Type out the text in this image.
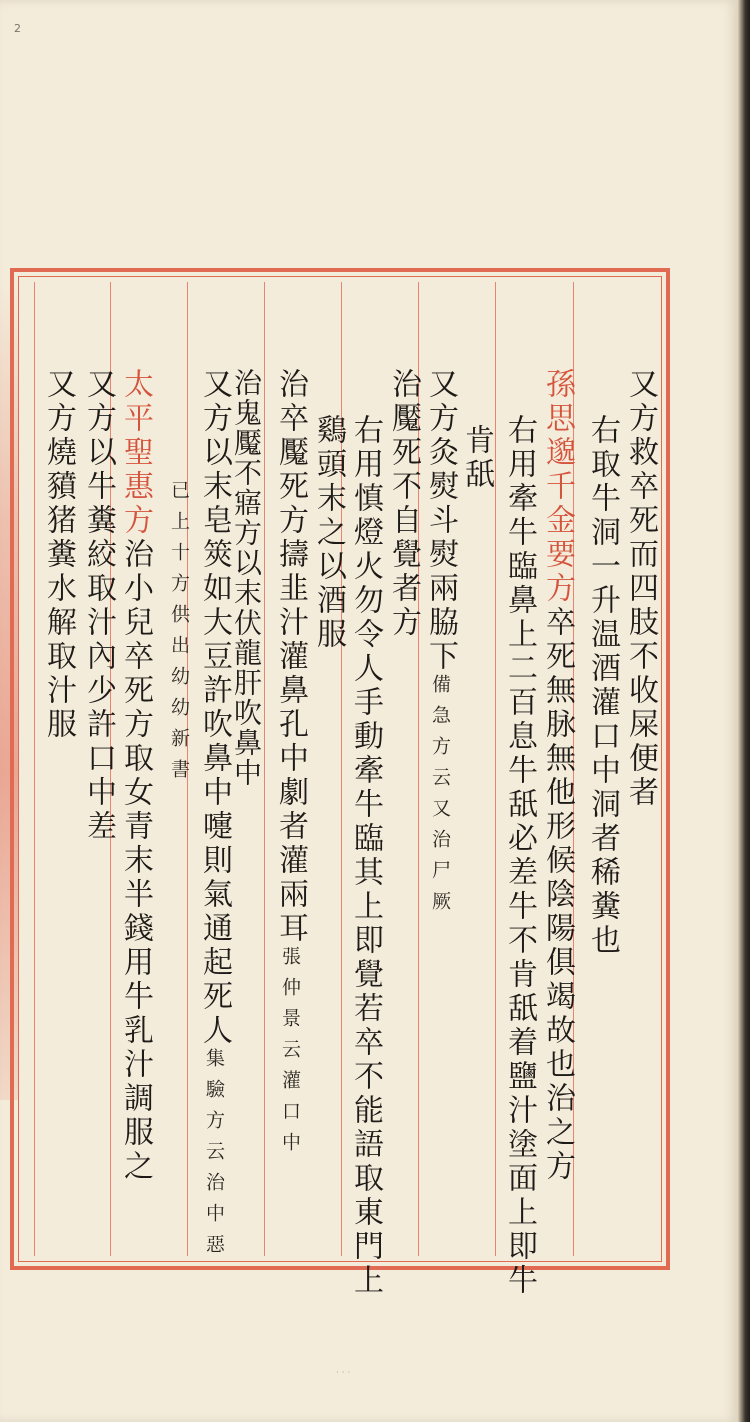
2
· · ·
又方救卒死而四肢不收屎便者
右取牛洞一升温酒灌口中洞者稀糞也
孫思邈千金要方卒死無脉無他形候陰陽俱竭故也治之方
右用牽牛臨鼻上二百息牛舐必差牛不肯舐着鹽汁塗面上即牛
肯舐
又方灸熨斗熨兩脇下備急方云又治尸厥
治魘死不自覺者方
右用慎燈火勿令人手動牽牛臨其上即覺若卒不能語取東門上
鷄頭末之以酒服
治卒魘死方擣韭汁灌鼻孔中劇者灌兩耳張仲景云灌口中
又方以末皂筴如大豆許吹鼻中嚏則氣通起死人集驗方云治中惡
治鬼魘不寤方以末伏龍肝吹鼻中
已上十方供出幼幼新書
太平聖惠方治小兒卒死方取女青末半錢用牛乳汁調服之
又方以牛糞絞取汁內少許口中差
又方燒豶猪糞水解取汁服
